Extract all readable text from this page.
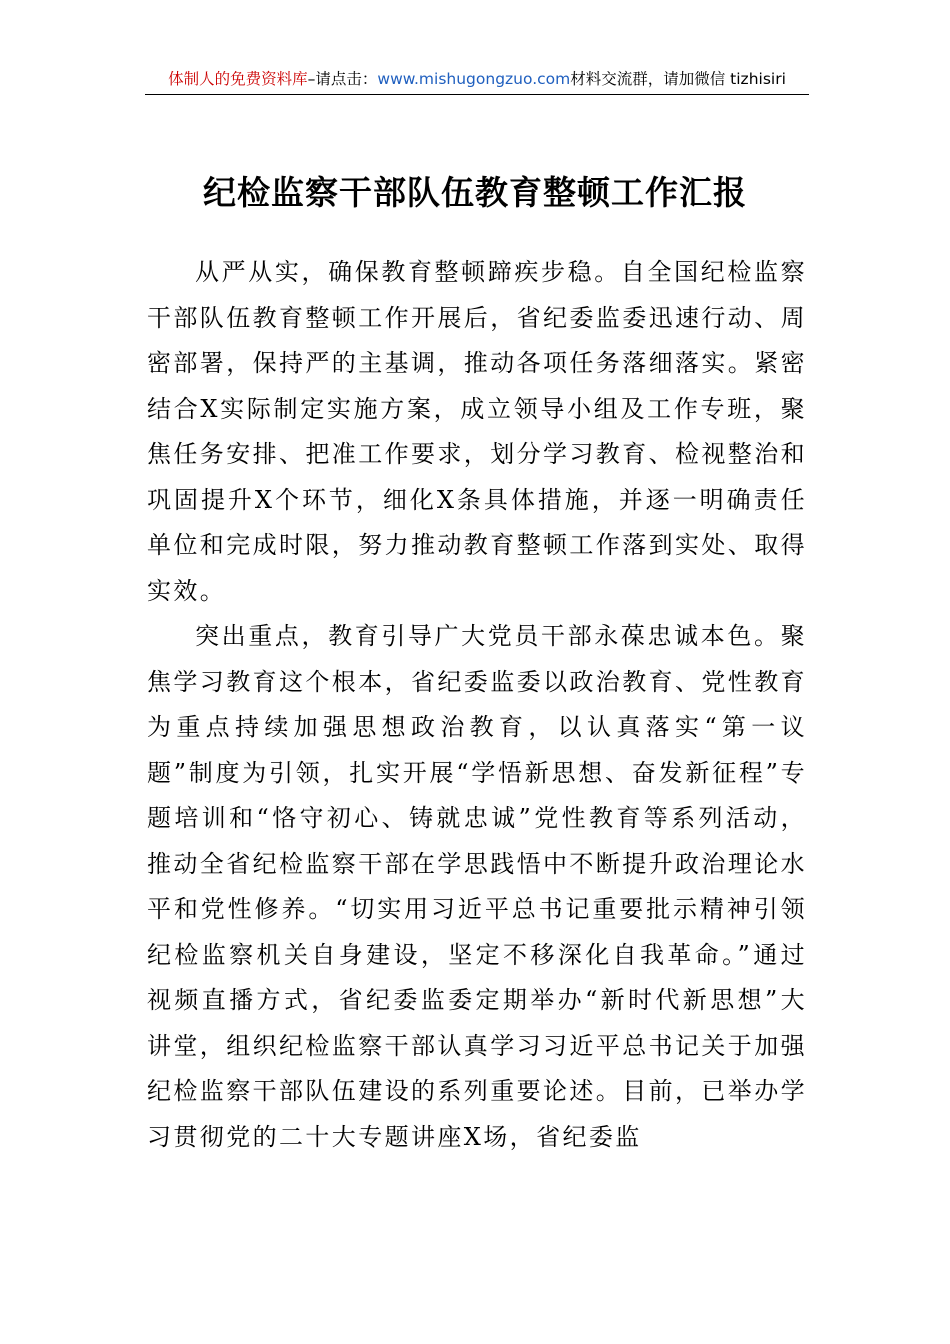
体制人的免费资料库–请点击：www.mishugongzuo.com材料交流群，请加微信 tizhisiri
纪检监察干部队伍教育整顿工作汇报

从严从实，确保教育整顿蹄疾步稳。自全国纪检监察干部队伍教育整顿工作开展后，省纪委监委迅速行动、周密部署，保持严的主基调，推动各项任务落细落实。紧密结合X实际制定实施方案，成立领导小组及工作专班，聚焦任务安排、把准工作要求，划分学习教育、检视整治和巩固提升X个环节，细化X条具体措施，并逐一明确责任单位和完成时限，努力推动教育整顿工作落到实处、取得实效。

突出重点，教育引导广大党员干部永葆忠诚本色。聚焦学习教育这个根本，省纪委监委以政治教育、党性教育为重点持续加强思想政治教育，以认真落实“第一议题”制度为引领，扎实开展“学悟新思想、奋发新征程”专题培训和“恪守初心、铸就忠诚”党性教育等系列活动，推动全省纪检监察干部在学思践悟中不断提升政治理论水平和党性修养。“切实用习近平总书记重要批示精神引领纪检监察机关自身建设，坚定不移深化自我革命。”通过视频直播方式，省纪委监委定期举办“新时代新思想”大讲堂，组织纪检监察干部认真学习习近平总书记关于加强纪检监察干部队伍建设的系列重要论述。目前，已举办学习贯彻党的二十大专题讲座X场，省纪委监
